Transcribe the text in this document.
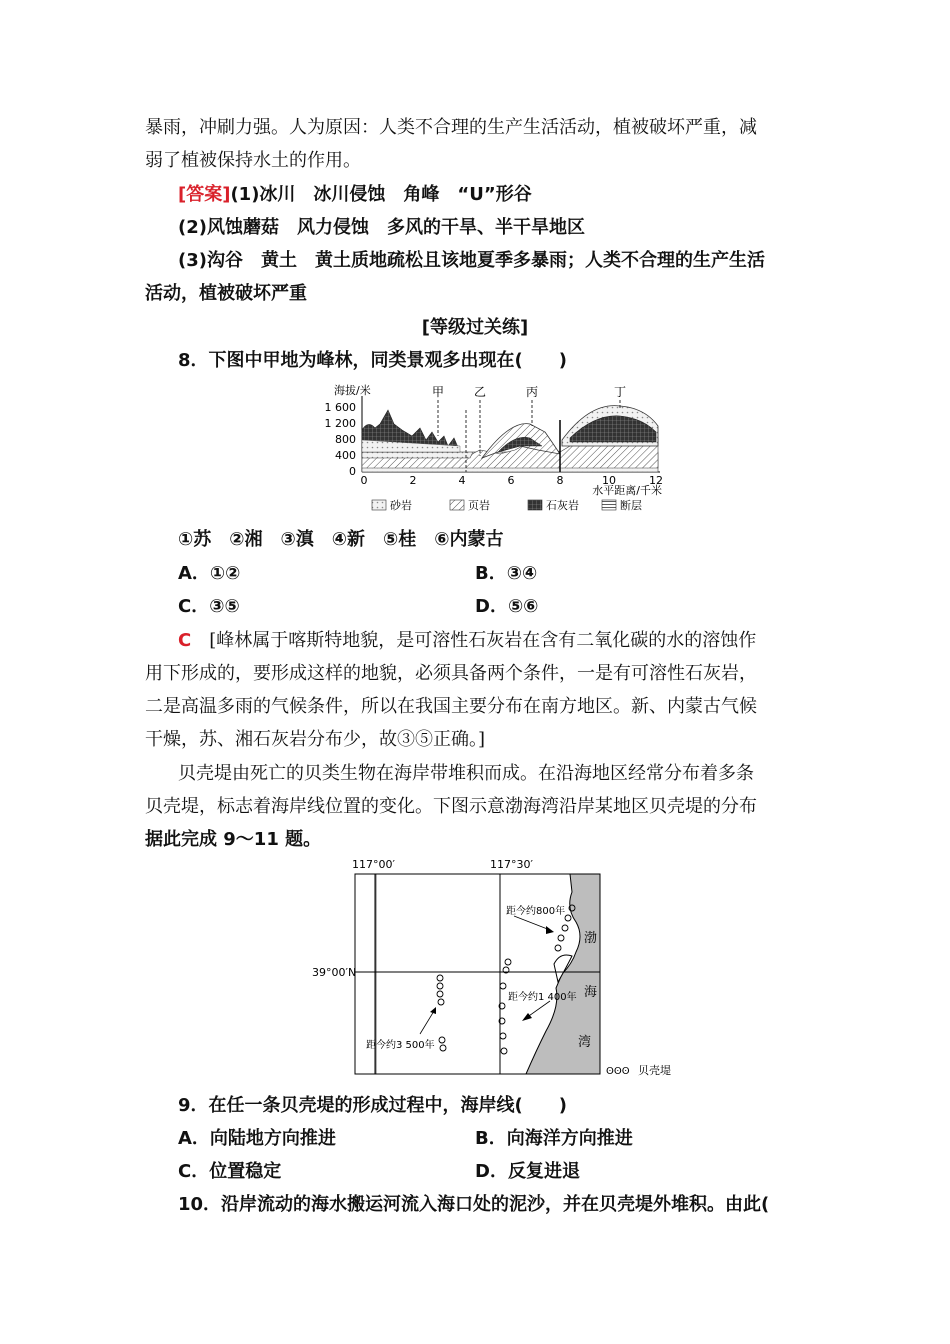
暴雨，冲刷力强。人为原因：人类不合理的生产生活活动，植被破坏严重，减
弱了植被保持水土的作用。
[答案](1)冰川　冰川侵蚀　角峰　“U”形谷
(2)风蚀蘑菇　风力侵蚀　多风的干旱、半干旱地区
(3)沟谷　黄土　黄土质地疏松且该地夏季多暴雨；人类不合理的生产生活
活动，植被破坏严重
[等级过关练]
8．下图中甲地为峰林，同类景观多出现在(　　)
海拔/米
1 600
1 200
800
400
0
甲 乙	丙	丁
0	2	4	6	8	10	12
水平距离/千米
砂岩	页岩	石灰岩	断层
①苏　②湘　③滇　④新　⑤桂　⑥内蒙古
A．①②	B．③④
C．③⑤	D．⑤⑥
C　 [峰林属于喀斯特地貌，是可溶性石灰岩在含有二氧化碳的水的溶蚀作
用下形成的，要形成这样的地貌，必须具备两个条件，一是有可溶性石灰岩，
二是高温多雨的气候条件，所以在我国主要分布在南方地区。新、内蒙古气候
干燥，苏、湘石灰岩分布少，故③⑤正确。]
贝壳堤由死亡的贝类生物在海岸带堆积而成。在沿海地区经常分布着多条
贝壳堤，标志着海岸线位置的变化。下图示意渤海湾沿岸某地区贝壳堤的分布
据此完成 9～11 题。
117°00′	117°30′
39°00′N
距今约800年
距今约1 400年
距今约3 500年
渤
海
湾
ʘʘʘ 贝壳堤
9．在任一条贝壳堤的形成过程中，海岸线(　　)
A．向陆地方向推进	B．向海洋方向推进
C．位置稳定	D．反复进退
10．沿岸流动的海水搬运河流入海口处的泥沙，并在贝壳堤外堆积。由此(
